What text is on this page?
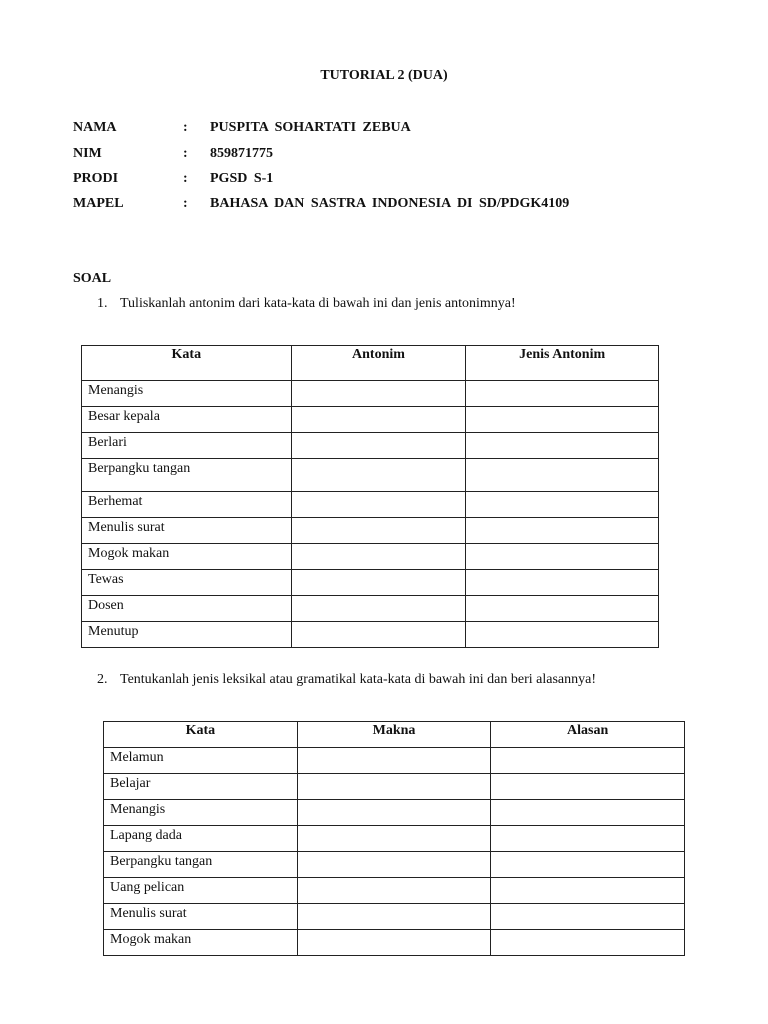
TUTORIAL 2 (DUA)
NAMA	: PUSPITA SOHARTATI ZEBUA
NIM	: 859871775
PRODI	: PGSD S-1
MAPEL	: BAHASA DAN SASTRA INDONESIA DI SD/PDGK4109
SOAL
1. Tuliskanlah antonim dari kata-kata di bawah ini dan jenis antonimnya!
Kata	Antonim	Jenis Antonim
Menangis		
Besar kepala		
Berlari		
Berpangku tangan		
Berhemat		
Menulis surat		
Mogok makan		
Tewas		
Dosen		
Menutup		
2. Tentukanlah jenis leksikal atau gramatikal kata-kata di bawah ini dan beri alasannya!
Kata	Makna	Alasan
Melamun		
Belajar		
Menangis		
Lapang dada		
Berpangku tangan		
Uang pelican		
Menulis surat		
Mogok makan		
